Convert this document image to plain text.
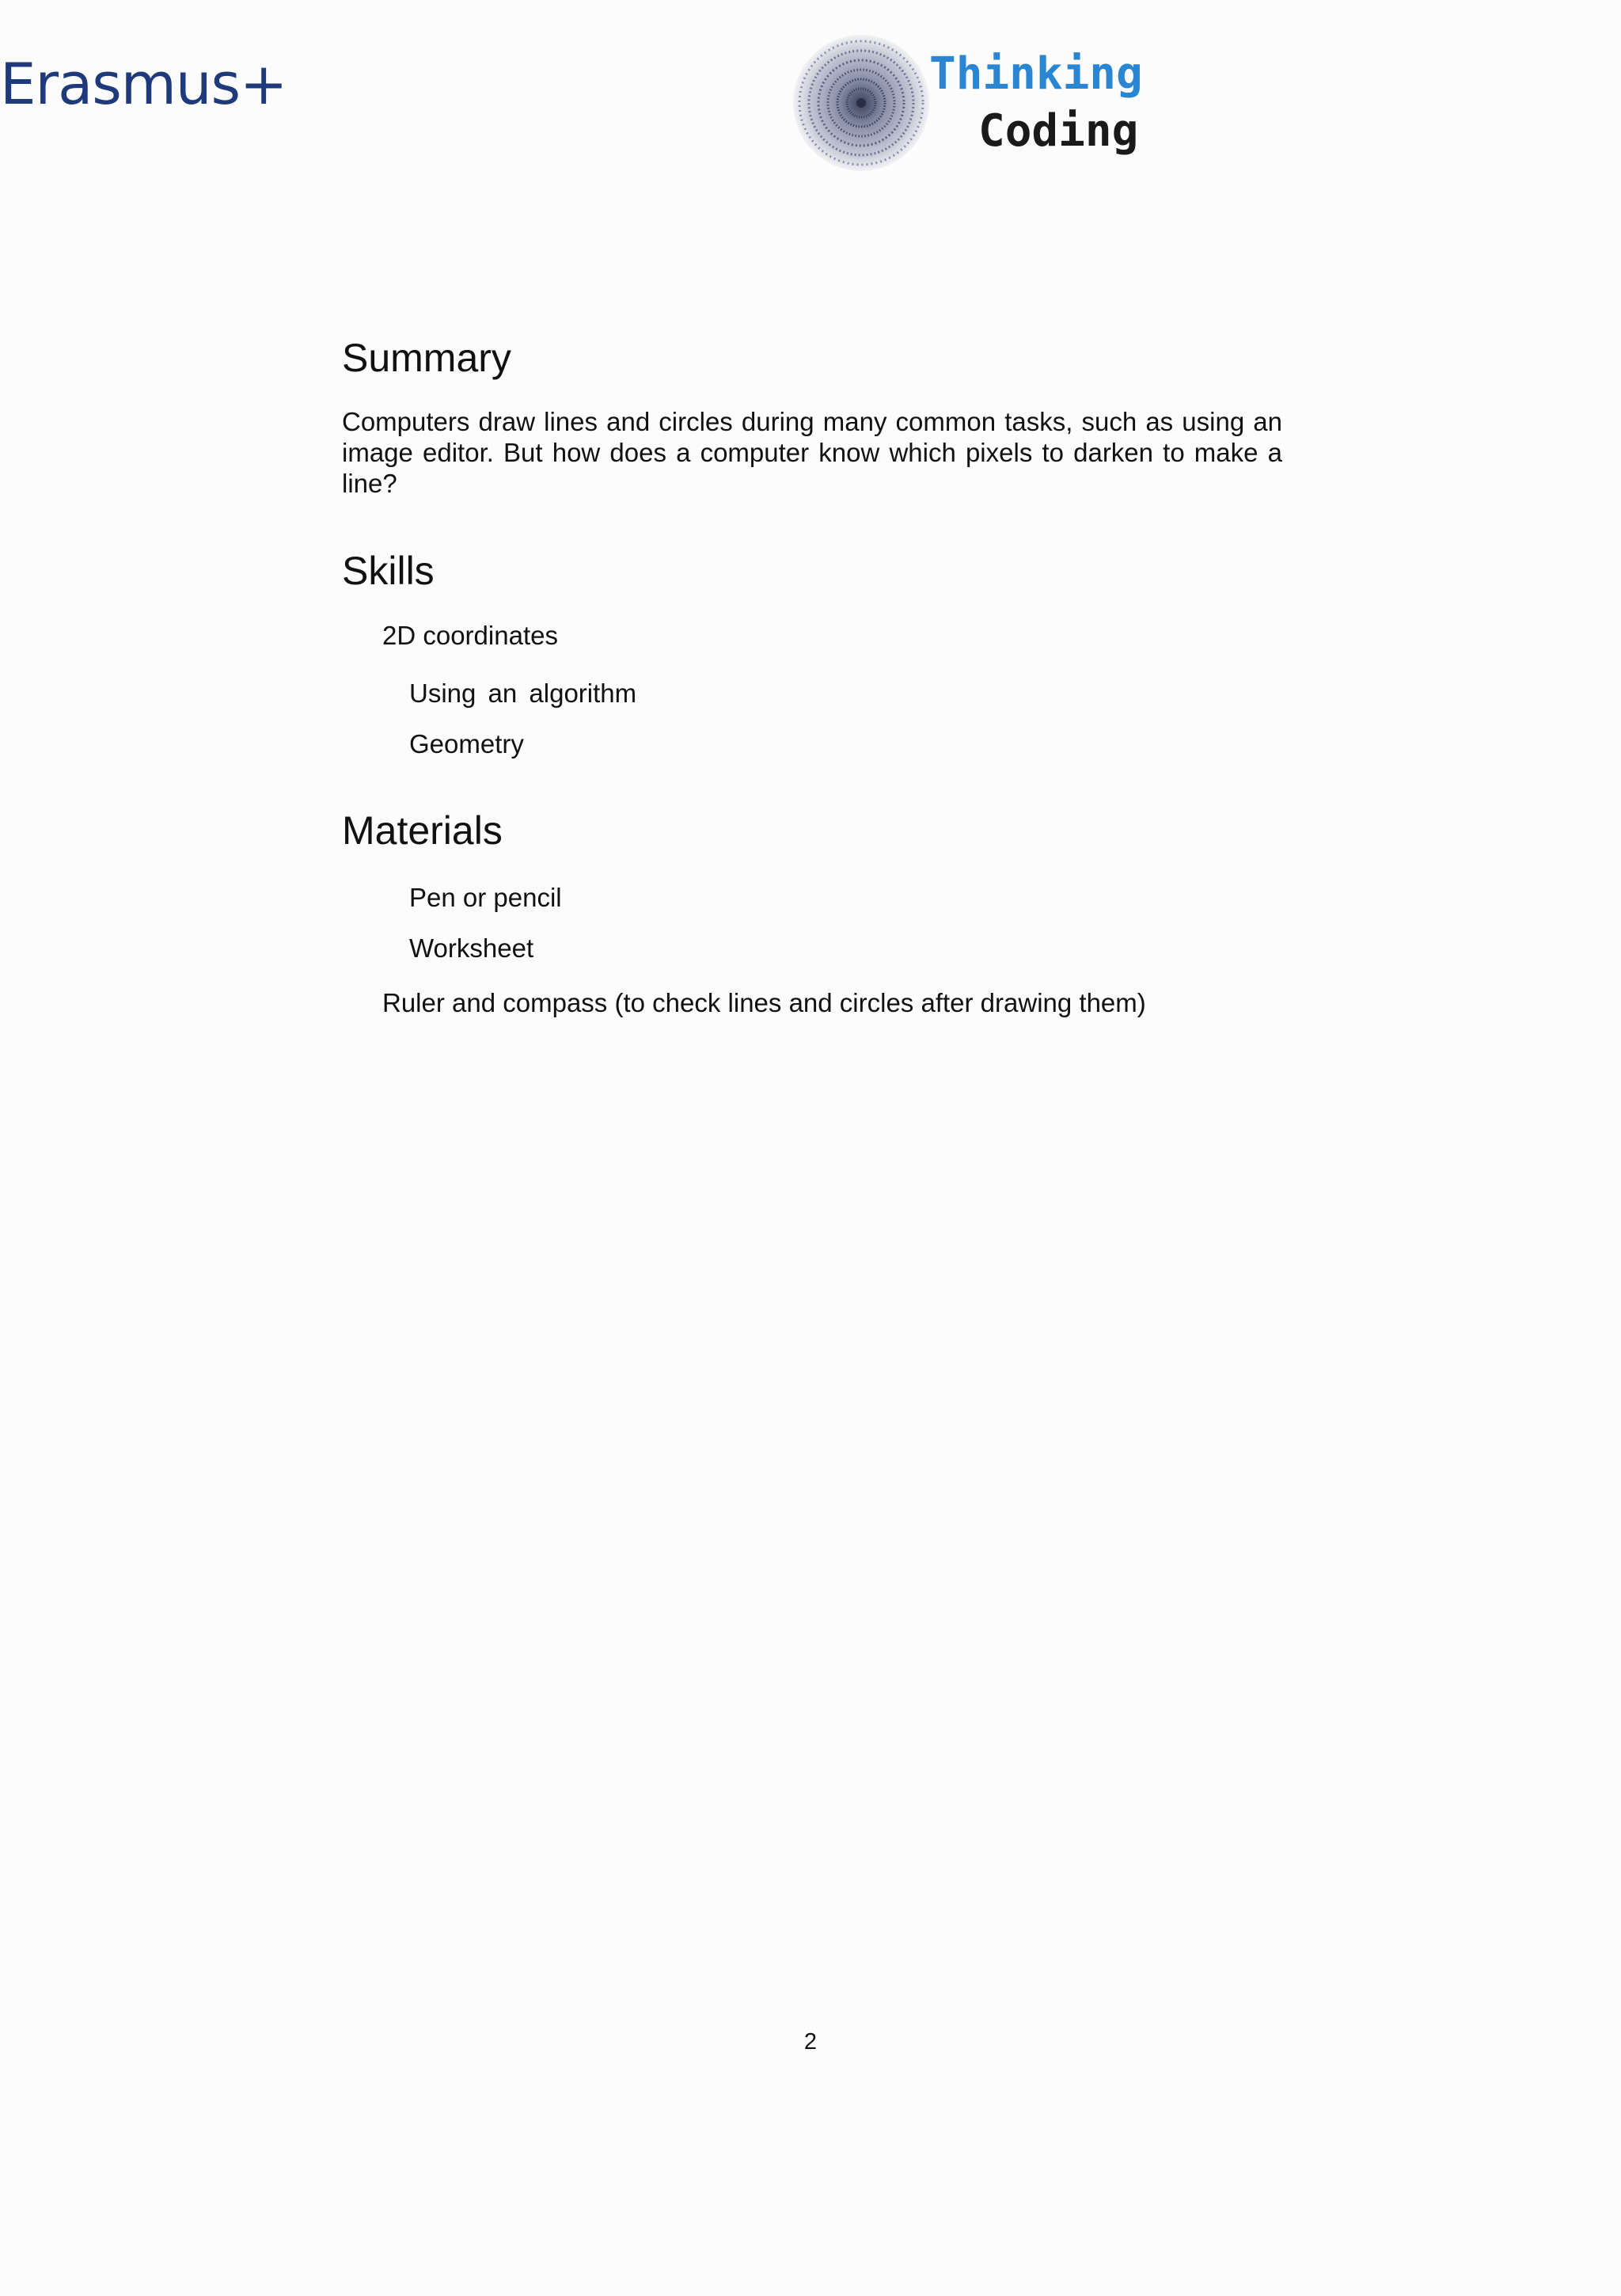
Erasmus+	Thinking
Coding
Summary

Computers draw lines and circles during many common tasks, such as using an image editor. But how does a computer know which pixels to darken to make a line?

Skills
2D coordinates
Using an algorithm
Geometry
Materials
Pen or pencil
Worksheet
Ruler and compass (to check lines and circles after drawing them)
2
